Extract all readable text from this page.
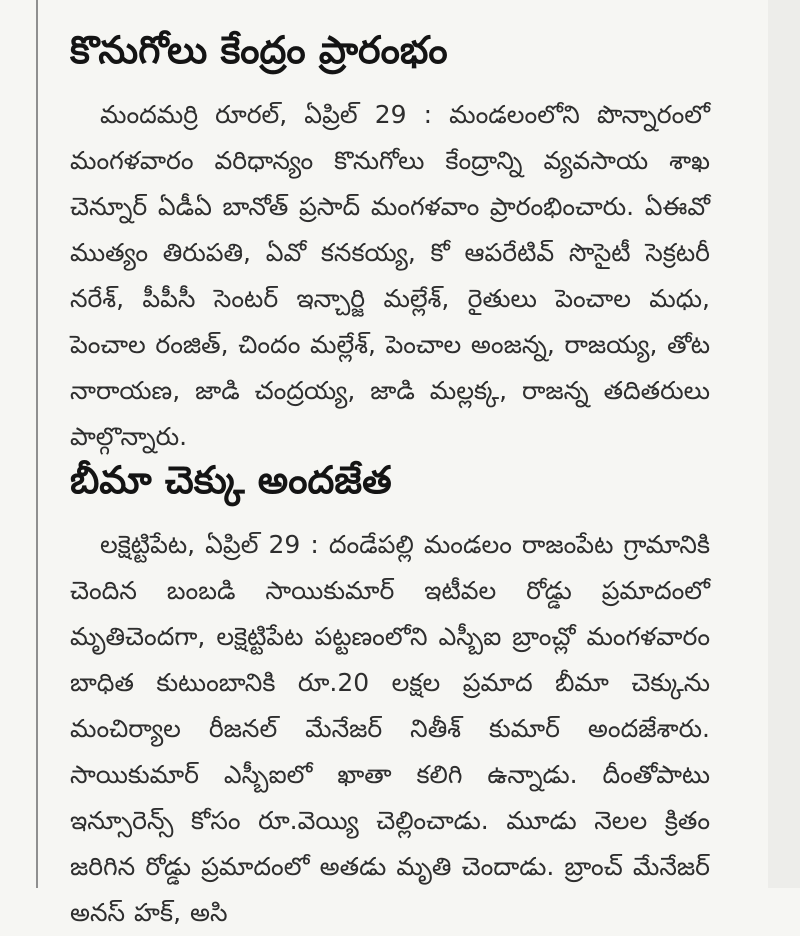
కొనుగోలు కేంద్రం ప్రారంభం

మందమర్రి రూరల్, ఏప్రిల్ 29 : మండలంలోని పొన్నారంలో మంగళవారం వరిధాన్యం కొనుగోలు కేంద్రాన్ని వ్యవసాయ శాఖ చెన్నూర్ ఏడీఏ బానోత్ ప్రసాద్ మంగళవాం ప్రారంభించారు. ఏఈవో ముత్యం తిరుపతి, ఏవో కనకయ్య, కో ఆపరేటివ్ సొసైటీ సెక్రటరీ నరేశ్, పీపీసీ సెంటర్ ఇన్చార్జి మల్లేశ్, రైతులు పెంచాల మధు, పెంచాల రంజిత్, చిందం మల్లేశ్, పెంచాల అంజన్న, రాజయ్య, తోట నారాయణ, జాడి చంద్రయ్య, జాడి మల్లక్క, రాజన్న తదితరులు పాల్గొన్నారు.

బీమా చెక్కు అందజేత

లక్షెట్టిపేట, ఏప్రిల్ 29 : దండేపల్లి మండలం రాజంపేట గ్రామానికి చెందిన బంబడి సాయికుమార్ ఇటీవల రోడ్డు ప్రమాదంలో మృతిచెందగా, లక్షెట్టిపేట పట్టణంలోని ఎస్బీఐ బ్రాంచ్లో మంగళవారం బాధిత కుటుంబానికి రూ.20 లక్షల ప్రమాద బీమా చెక్కును మంచిర్యాల రీజనల్ మేనేజర్ నితీశ్ కుమార్ అందజేశారు. సాయికుమార్ ఎస్బీఐలో ఖాతా కలిగి ఉన్నాడు. దీంతోపాటు ఇన్సూరెన్స్ కోసం రూ.వెయ్యి చెల్లించాడు. మూడు నెలల క్రితం జరిగిన రోడ్డు ప్రమాదంలో అతడు మృతి చెందాడు. బ్రాంచ్ మేనేజర్ అనస్ హక్, అసి
